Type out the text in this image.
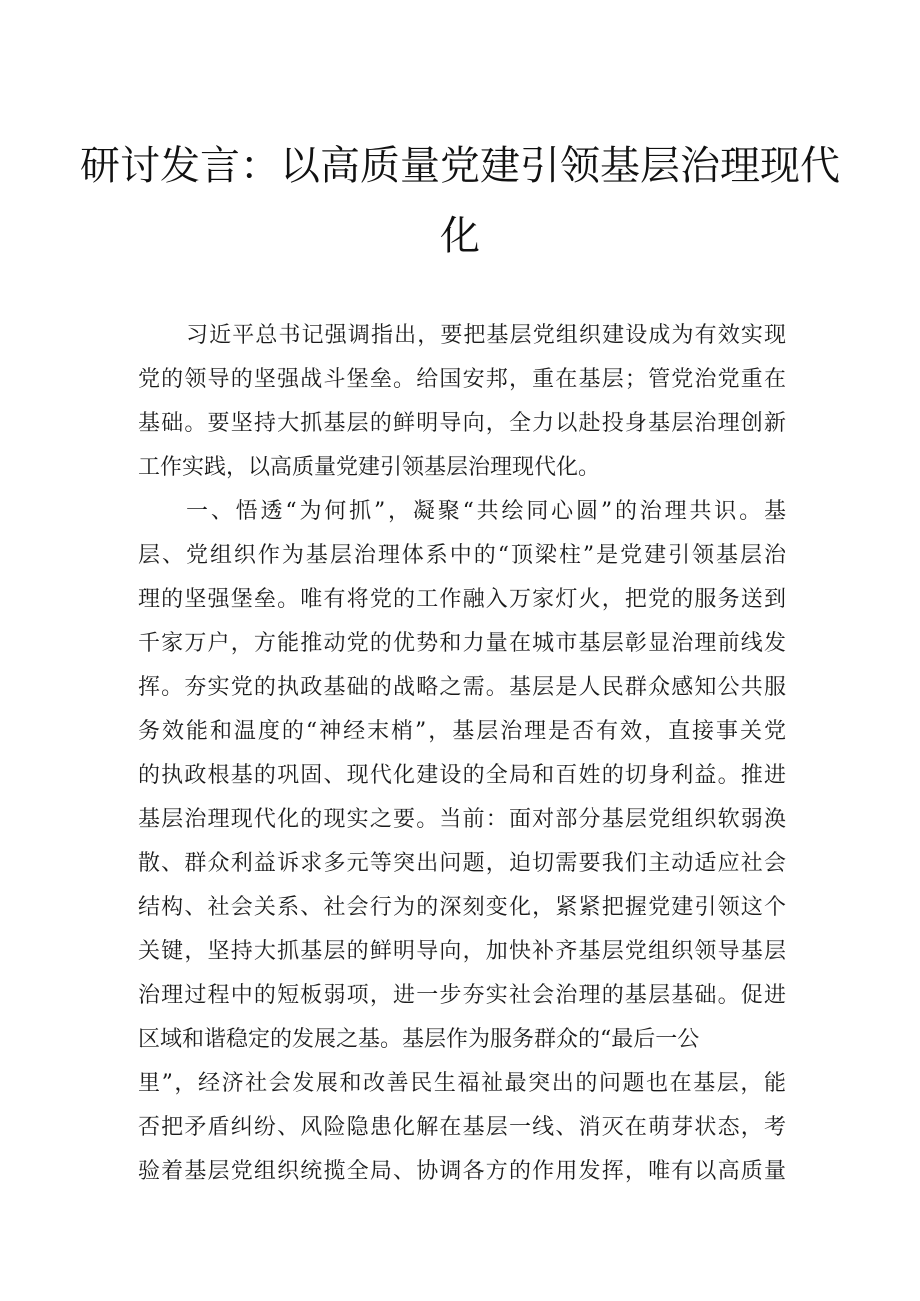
研讨发言：以高质量党建引领基层治理现代
化
习近平总书记强调指出，要把基层党组织建设成为有效实现
党的领导的坚强战斗堡垒。给国安邦，重在基层；管党治党重在
基础。要坚持大抓基层的鲜明导向，全力以赴投身基层治理创新
工作实践，以高质量党建引领基层治理现代化。
一、悟透“为何抓”，凝聚“共绘同心圆”的治理共识。基
层、党组织作为基层治理体系中的“顶梁柱”是党建引领基层治
理的坚强堡垒。唯有将党的工作融入万家灯火，把党的服务送到
千家万户，方能推动党的优势和力量在城市基层彰显治理前线发
挥。夯实党的执政基础的战略之需。基层是人民群众感知公共服
务效能和温度的“神经末梢”，基层治理是否有效，直接事关党
的执政根基的巩固、现代化建设的全局和百姓的切身利益。推进
基层治理现代化的现实之要。当前：面对部分基层党组织软弱涣
散、群众利益诉求多元等突出问题，迫切需要我们主动适应社会
结构、社会关系、社会行为的深刻变化，紧紧把握党建引领这个
关键，坚持大抓基层的鲜明导向，加快补齐基层党组织领导基层
治理过程中的短板弱项，进一步夯实社会治理的基层基础。促进
区域和谐稳定的发展之基。基层作为服务群众的“最后一公
里”，经济社会发展和改善民生福祉最突出的问题也在基层，能
否把矛盾纠纷、风险隐患化解在基层一线、消灭在萌芽状态，考
验着基层党组织统揽全局、协调各方的作用发挥，唯有以高质量
